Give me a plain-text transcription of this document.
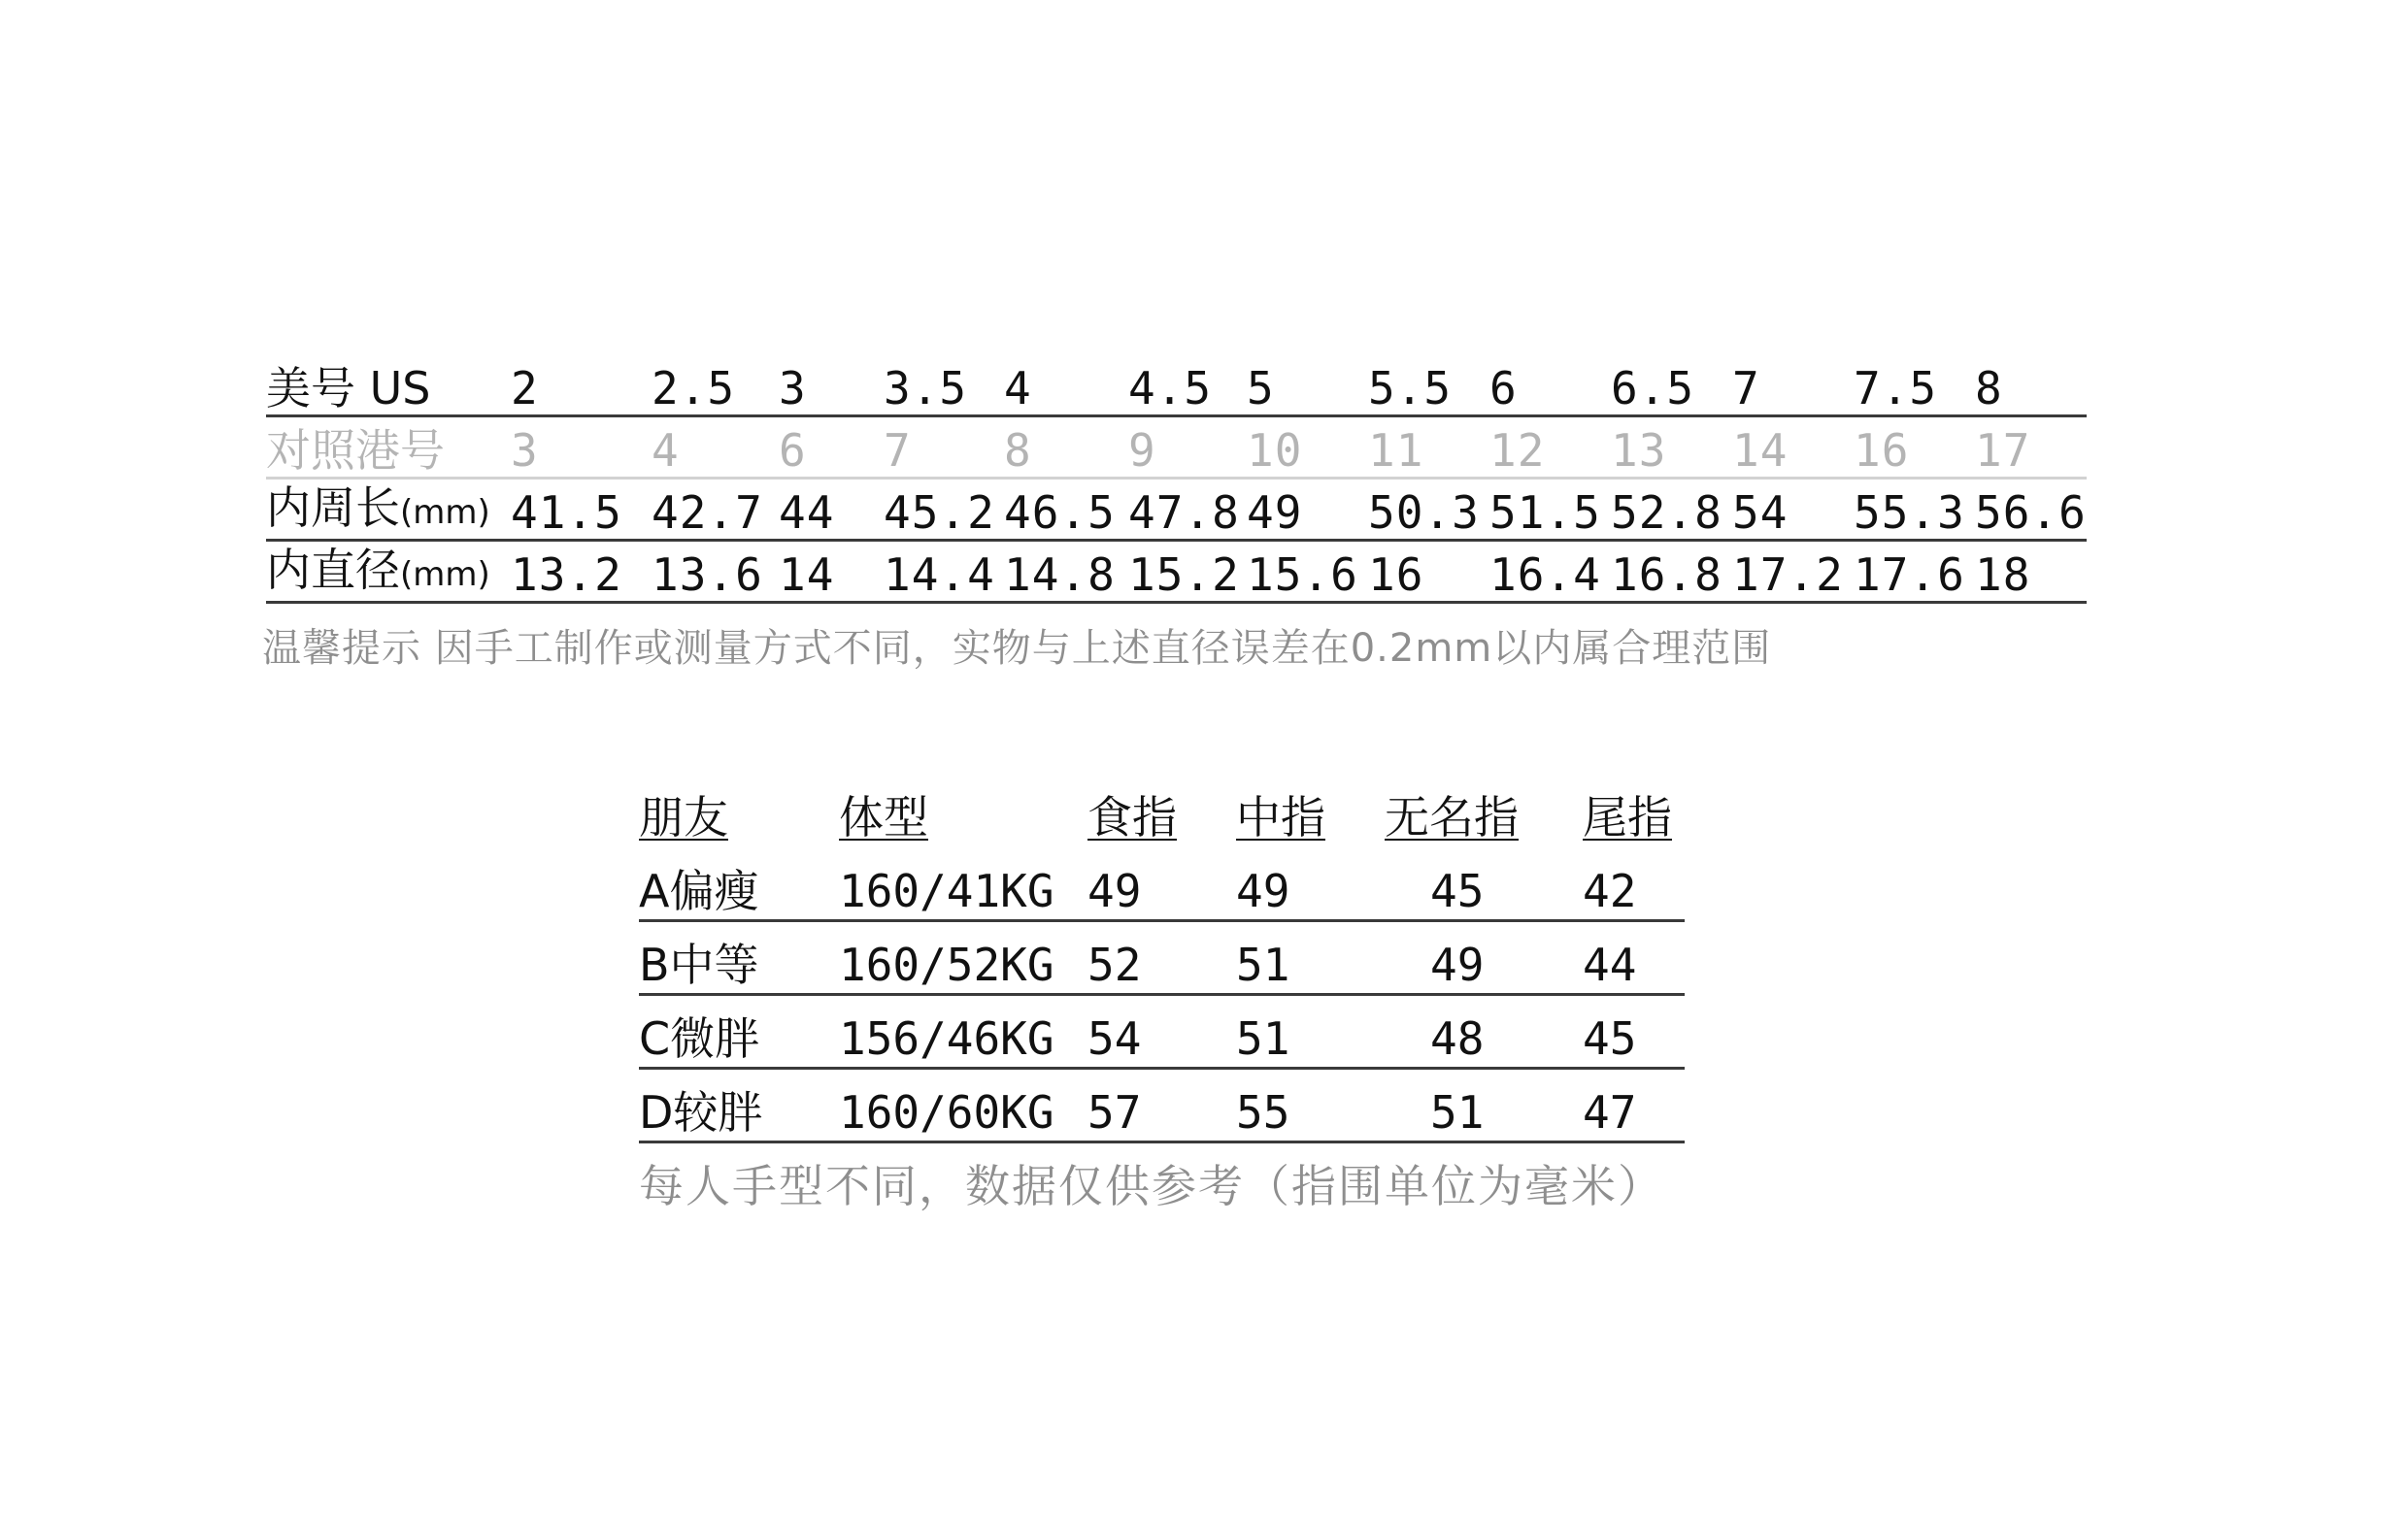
美号 US 2	2.5 3 3.5 4 4.5 5 5.5 6 6.5 7 7.5 8
对照港号 3	4 6 7 8 9 10 11 12 13 14 16 17
内周长(mm) 41.5 42.7 44 45.2 46.5 47.8 49 50.3 51.5 52.8 54 55.3 56.6
内直径(mm) 13.2 13.6 14 14.4 14.8 15.2 15.6 16 16.4 16.8 17.2 17.6 18
温馨提示 因手工制作或测量方式不同，实物与上述直径误差在0.2mm以内属合理范围
朋友 体型	食指 中指 无名指 尾指
A偏瘦 160/41KG 49 49	45 42
B中等 160/52KG 52 51	49 44
C微胖 156/46KG 54 51	48 45
D较胖 160/60KG 57 55	51 47
每人手型不同，数据仅供参考（指围单位为毫米）
